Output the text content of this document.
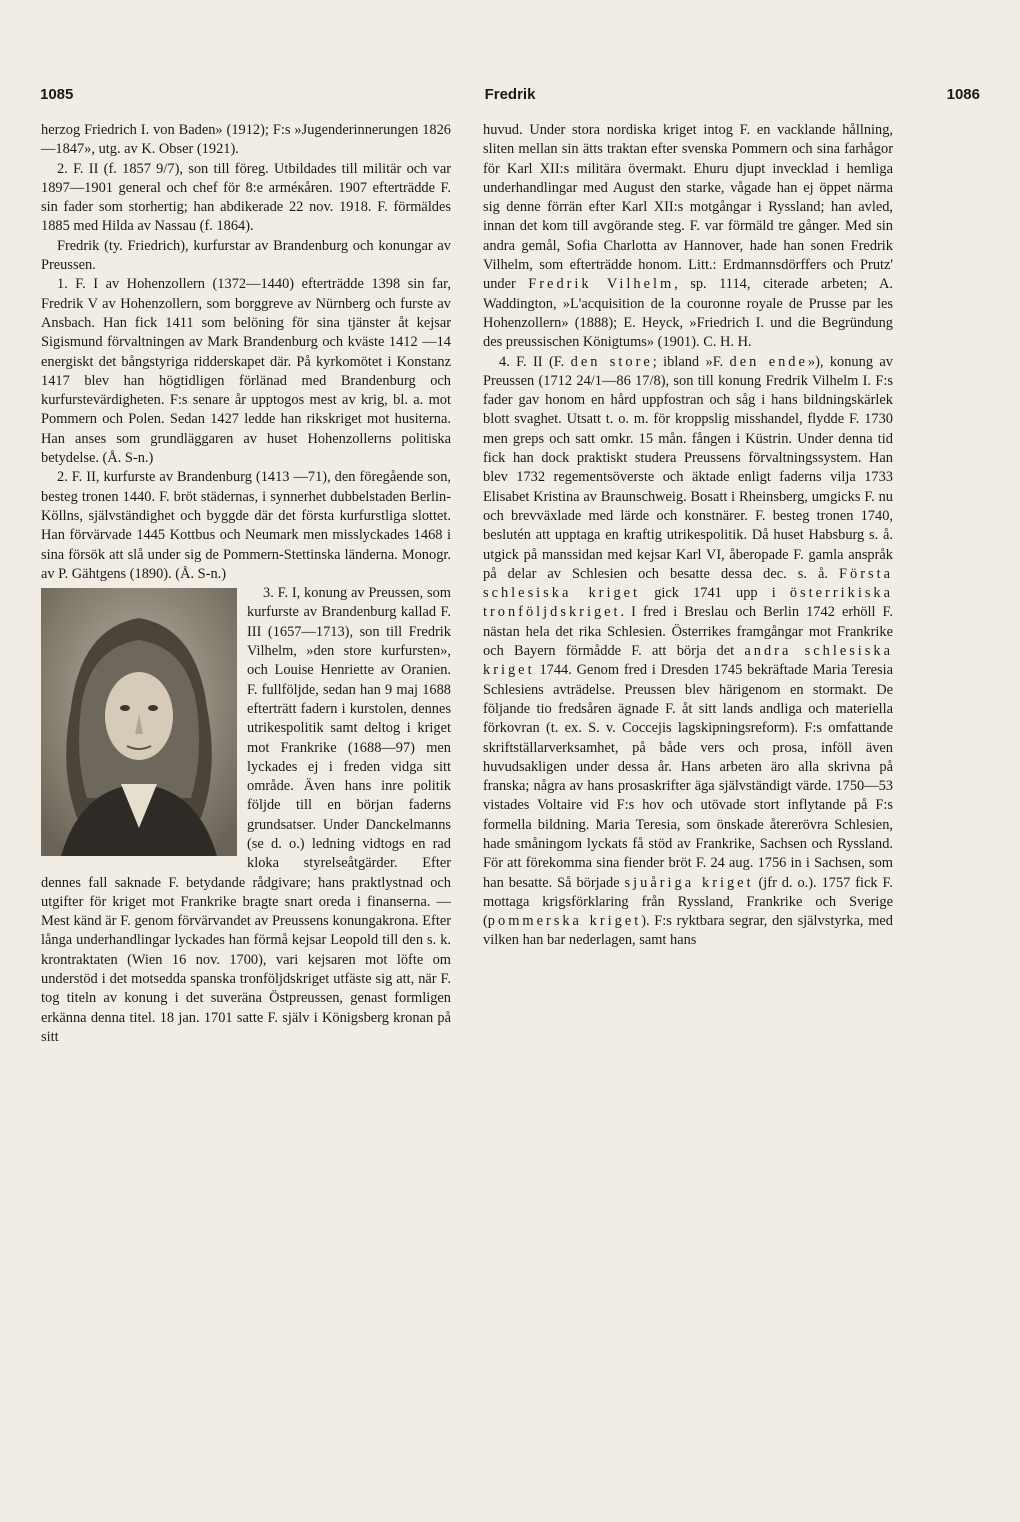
1085	Fredrik	1086

herzog Friedrich I. von Baden» (1912); F:s »Jugenderinnerungen 1826—1847», utg. av K. Obser (1921).

2. F. II (f. 1857 9/7), son till föreg. Utbildades till militär och var 1897—1901 general och chef för 8:e arméкåren. 1907 efterträdde F. sin fader som storhertig; han abdikerade 22 nov. 1918. F. förmäldes 1885 med Hilda av Nassau (f. 1864).

Fredrik (ty. Friedrich), kurfurstar av Brandenburg och konungar av Preussen.

1. F. I av Hohenzollern (1372—1440) efterträdde 1398 sin far, Fredrik V av Hohenzollern, som borggreve av Nürnberg och furste av Ansbach. Han fick 1411 som belöning för sina tjänster åt kejsar Sigismund förvaltningen av Mark Brandenburg och kväste 1412 —14 energiskt det bångstyriga ridderskapet där. På kyrkomötet i Konstanz 1417 blev han högtidligen förlänad med Brandenburg och kurfurstevärdigheten. F:s senare år upptogos mest av krig, bl. a. mot Pommern och Polen. Sedan 1427 ledde han rikskriget mot husiterna. Han anses som grundläggaren av huset Hohenzollerns politiska betydelse. (Å. S-n.)

2. F. II, kurfurste av Brandenburg (1413 —71), den föregående son, besteg tronen 1440. F. bröt städernas, i synnerhet dubbelstaden Berlin-Köllns, självständighet och byggde där det första kurfurstliga slottet. Han förvärvade 1445 Kottbus och Neumark men misslyckades 1468 i sina försök att slå under sig de Pommern-Stettinska länderna. Monogr. av P. Gähtgens (1890). (Å. S-n.)

3. F. I, konung av Preussen, som kurfurste av Brandenburg kallad F. III (1657—1713), son till Fredrik Vilhelm, »den store kurfursten», och Louise Henriette av Oranien. F. fullföljde, sedan han 9 maj 1688 efterträtt fadern i kurstolen, dennes utrikespolitik samt deltog i kriget mot Frankrike (1688—97) men lyckades ej i freden vidga sitt område. Även hans inre politik följde till en början faderns grundsatser. Under Danckelmanns (se d. o.) ledning vidtogs en rad kloka styrelseåtgärder. Efter dennes fall saknade F. betydande rådgivare; hans praktlystnad och utgifter för kriget mot Frankrike bragte snart oreda i finanserna. — Mest känd är F. genom förvärvandet av Preussens konungakrona. Efter långa underhandlingar lyckades han förmå kejsar Leopold till den s. k. krontraktaten (Wien 16 nov. 1700), vari kejsaren mot löfte om understöd i det motsedda spanska tronföljdskriget utfäste sig att, när F. tog titeln av konung i det suveräna Östpreussen, genast formligen erkänna denna titel. 18 jan. 1701 satte F. själv i Königsberg kronan på sitt

huvud. Under stora nordiska kriget intog F. en vacklande hållning, sliten mellan sin ätts traktan efter svenska Pommern och sina farhågor för Karl XII:s militära övermakt. Ehuru djupt invecklad i hemliga underhandlingar med August den starke, vågade han ej öppet närma sig denne förrän efter Karl XII:s motgångar i Ryssland; han avled, innan det kom till avgörande steg. F. var förmäld tre gånger. Med sin andra gemål, Sofia Charlotta av Hannover, hade han sonen Fredrik Vilhelm, som efterträdde honom. Litt.: Erdmannsdörffers och Prutz' under Fredrik Vilhelm, sp. 1114, citerade arbeten; A. Waddington, »L'acquisition de la couronne royale de Prusse par les Hohenzollern» (1888); E. Heyck, »Friedrich I. und die Begründung des preussischen Königtums» (1901). C. H. H.

4. F. II (F. den store; ibland »F. den ende»), konung av Preussen (1712 24/1—86 17/8), son till konung Fredrik Vilhelm I. F:s fader gav honom en hård uppfostran och såg i hans bildningskärlek blott svaghet. Utsatt t. o. m. för kroppslig misshandel, flydde F. 1730 men greps och satt omkr. 15 mån. fången i Küstrin. Under denna tid fick han dock praktiskt studera Preussens förvaltningssystem. Han blev 1732 regementsöverste och äktade enligt faderns vilja 1733 Elisabet Kristina av Braunschweig. Bosatt i Rheinsberg, umgicks F. nu och brevväxlade med lärde och konstnärer. F. besteg tronen 1740, beslutén att upptaga en kraftig utrikespolitik. Då huset Habsburg s. å. utgick på manssidan med kejsar Karl VI, åberopade F. gamla anspråk på delar av Schlesien och besatte dessa dec. s. å. Första schlesiska kriget gick 1741 upp i österrikiska tronföljdskriget. I fred i Breslau och Berlin 1742 erhöll F. nästan hela det rika Schlesien. Österrikes framgångar mot Frankrike och Bayern förmådde F. att börja det andra schlesiska kriget 1744. Genom fred i Dresden 1745 bekräftade Maria Teresia Schlesiens avträdelse. Preussen blev härigenom en stormakt. De följande tio fredsåren ägnade F. åt sitt lands andliga och materiella förkovran (t. ex. S. v. Coccejis lagskipningsreform). F:s omfattande skriftställarverksamhet, på både vers och prosa, inföll även huvudsakligen under dessa år. Hans arbeten äro alla skrivna på franska; några av hans prosaskrifter äga självständigt värde. 1750—53 vistades Voltaire vid F:s hov och utövade stort inflytande på F:s formella bildning. Maria Teresia, som önskade återerövra Schlesien, hade småningom lyckats få stöd av Frankrike, Sachsen och Ryssland. För att förekomma sina fiender bröt F. 24 aug. 1756 in i Sachsen, som han besatte. Så började sjuåriga kriget (jfr d. o.). 1757 fick F. mottaga krigsförklaring från Ryssland, Frankrike och Sverige (pommerska kriget). F:s ryktbara segrar, den självstyrka, med vilken han bar nederlagen, samt hans
